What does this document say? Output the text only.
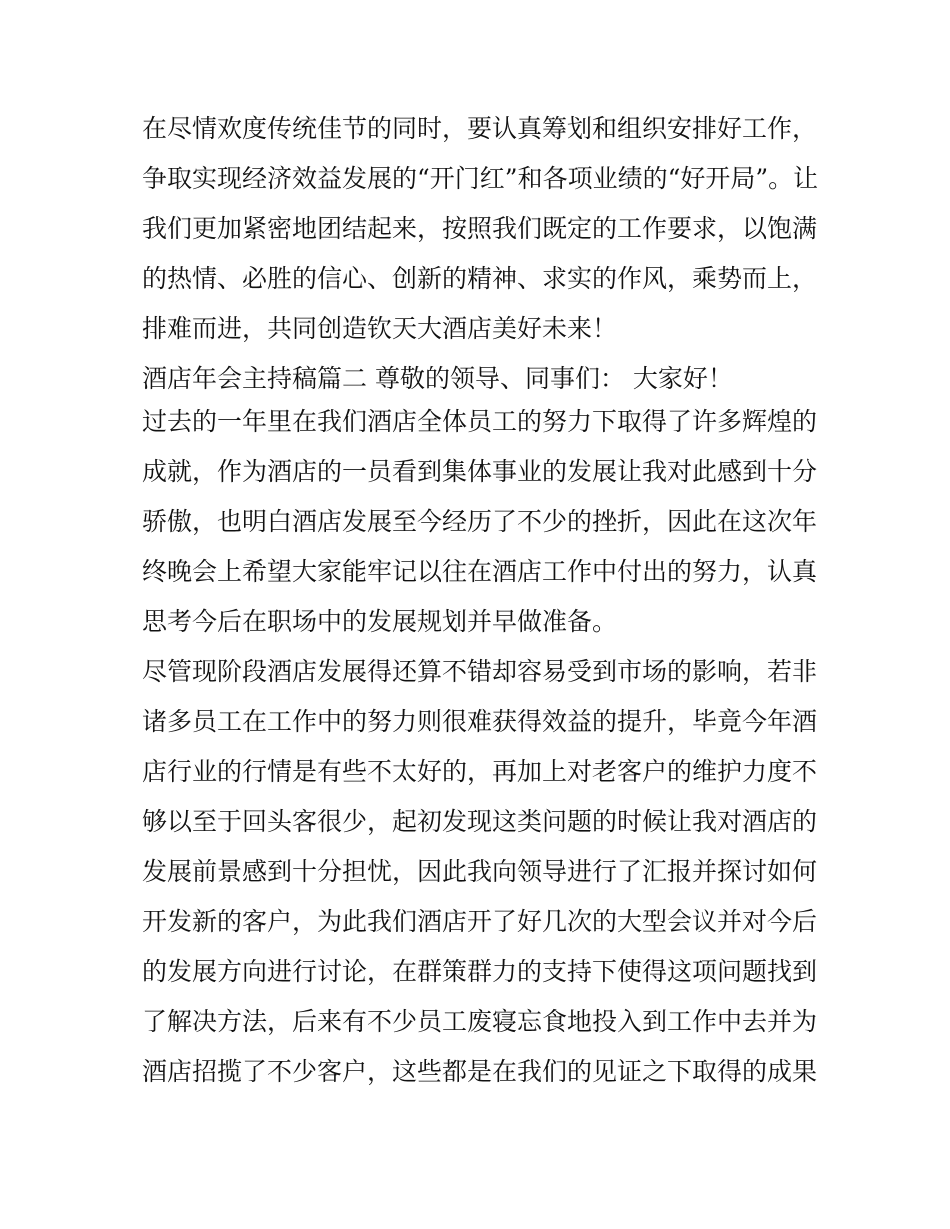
在尽情欢度传统佳节的同时，要认真筹划和组织安排好工作，
争取实现经济效益发展的“开门红”和各项业绩的“好开局”。让
我们更加紧密地团结起来，按照我们既定的工作要求，以饱满
的热情、必胜的信心、创新的精神、求实的作风，乘势而上，
排难而进，共同创造钦天大酒店美好未来！
酒店年会主持稿篇二 尊敬的领导、同事们： 大家好！
过去的一年里在我们酒店全体员工的努力下取得了许多辉煌的
成就，作为酒店的一员看到集体事业的发展让我对此感到十分
骄傲，也明白酒店发展至今经历了不少的挫折，因此在这次年
终晚会上希望大家能牢记以往在酒店工作中付出的努力，认真
思考今后在职场中的发展规划并早做准备。
尽管现阶段酒店发展得还算不错却容易受到市场的影响，若非
诸多员工在工作中的努力则很难获得效益的提升，毕竟今年酒
店行业的行情是有些不太好的，再加上对老客户的维护力度不
够以至于回头客很少，起初发现这类问题的时候让我对酒店的
发展前景感到十分担忧，因此我向领导进行了汇报并探讨如何
开发新的客户，为此我们酒店开了好几次的大型会议并对今后
的发展方向进行讨论，在群策群力的支持下使得这项问题找到
了解决方法，后来有不少员工废寝忘食地投入到工作中去并为
酒店招揽了不少客户，这些都是在我们的见证之下取得的成果
